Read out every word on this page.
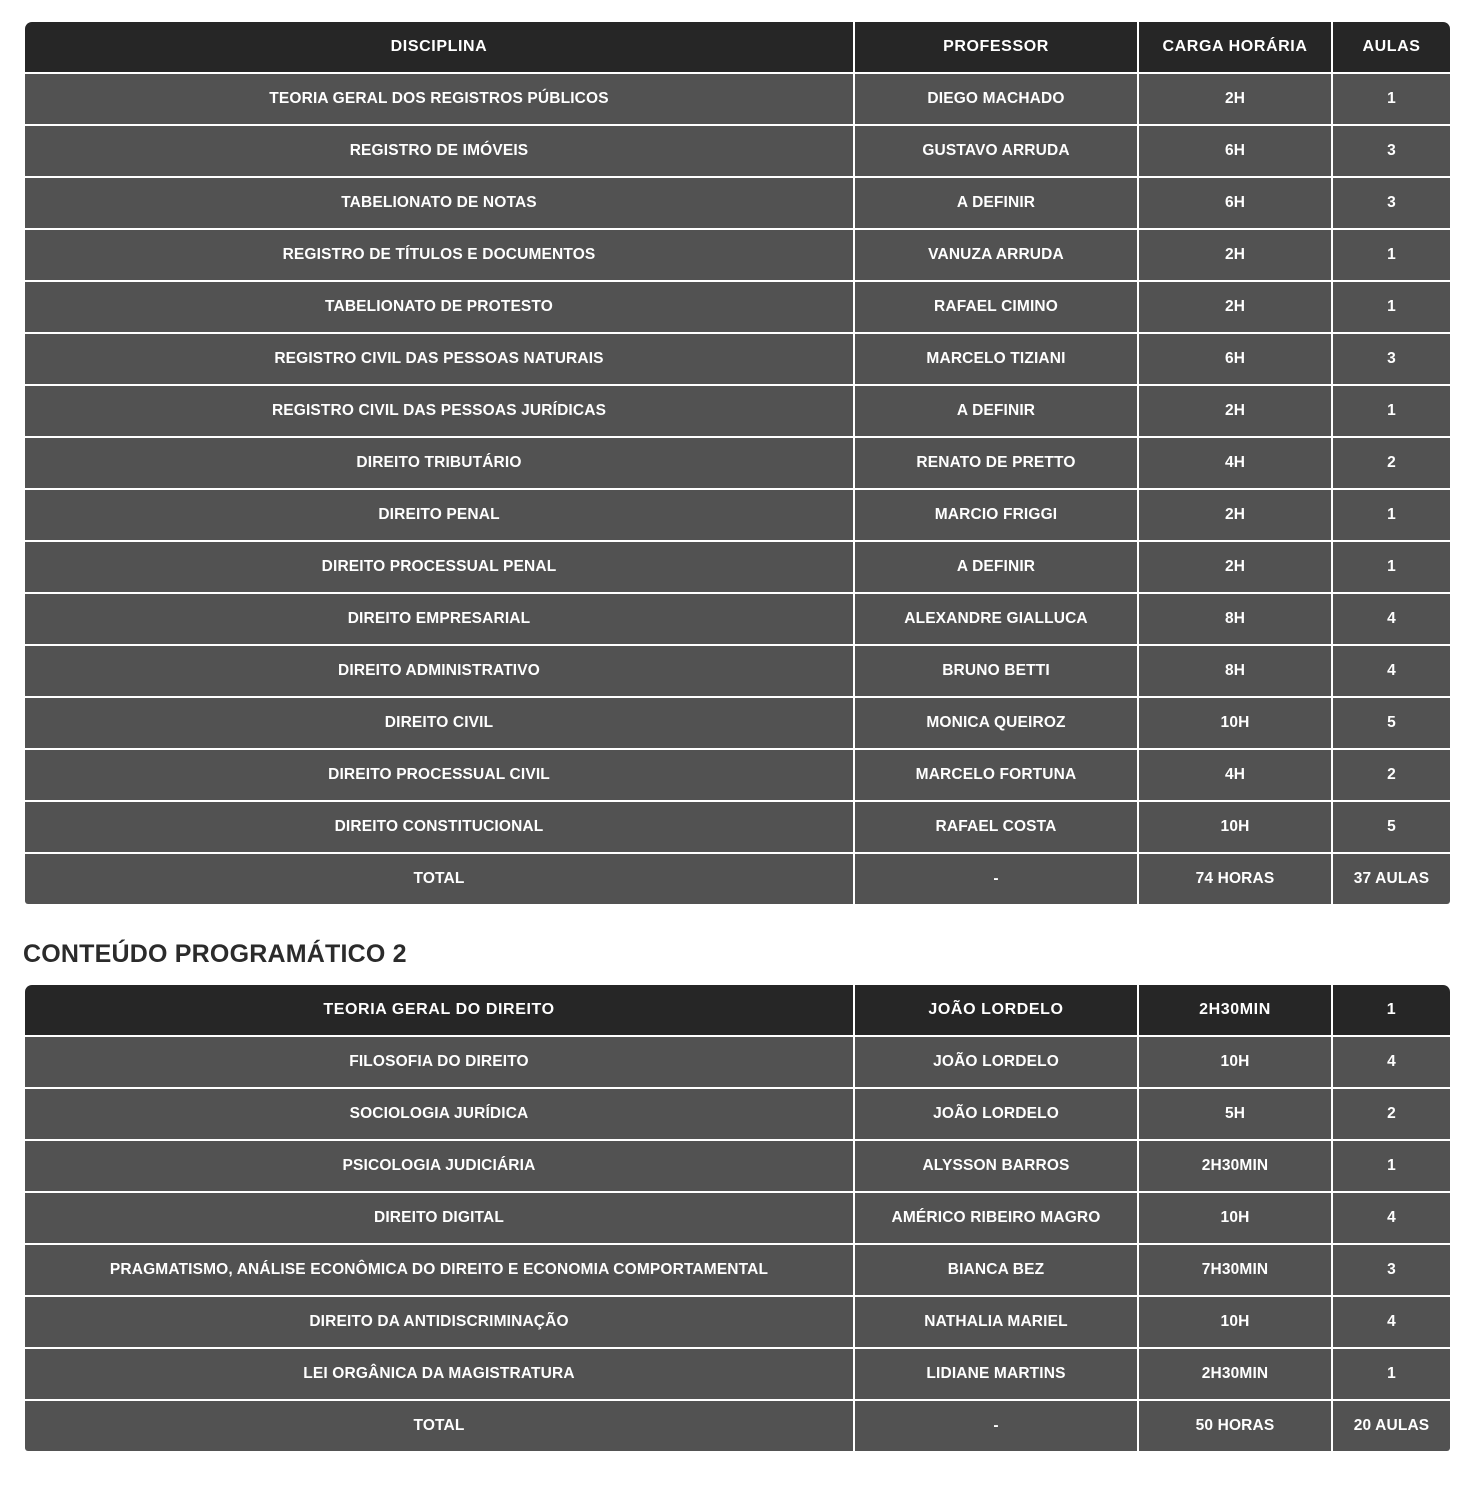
DISCIPLINA	PROFESSOR	CARGA HORÁRIA	AULAS
TEORIA GERAL DOS REGISTROS PÚBLICOS	DIEGO MACHADO	2H	1
REGISTRO DE IMÓVEIS	GUSTAVO ARRUDA	6H	3
TABELIONATO DE NOTAS	A DEFINIR	6H	3
REGISTRO DE TÍTULOS E DOCUMENTOS	VANUZA ARRUDA	2H	1
TABELIONATO DE PROTESTO	RAFAEL CIMINO	2H	1
REGISTRO CIVIL DAS PESSOAS NATURAIS	MARCELO TIZIANI	6H	3
REGISTRO CIVIL DAS PESSOAS JURÍDICAS	A DEFINIR	2H	1
DIREITO TRIBUTÁRIO	RENATO DE PRETTO	4H	2
DIREITO PENAL	MARCIO FRIGGI	2H	1
DIREITO PROCESSUAL PENAL	A DEFINIR	2H	1
DIREITO EMPRESARIAL	ALEXANDRE GIALLUCA	8H	4
DIREITO ADMINISTRATIVO	BRUNO BETTI	8H	4
DIREITO CIVIL	MONICA QUEIROZ	10H	5
DIREITO PROCESSUAL CIVIL	MARCELO FORTUNA	4H	2
DIREITO CONSTITUCIONAL	RAFAEL COSTA	10H	5
TOTAL	-	74 HORAS	37 AULAS
CONTEÚDO PROGRAMÁTICO 2
TEORIA GERAL DO DIREITO	JOÃO LORDELO	2H30MIN	1
FILOSOFIA DO DIREITO	JOÃO LORDELO	10H	4
SOCIOLOGIA JURÍDICA	JOÃO LORDELO	5H	2
PSICOLOGIA JUDICIÁRIA	ALYSSON BARROS	2H30MIN	1
DIREITO DIGITAL	AMÉRICO RIBEIRO MAGRO	10H	4
PRAGMATISMO, ANÁLISE ECONÔMICA DO DIREITO E ECONOMIA COMPORTAMENTAL	BIANCA BEZ	7H30MIN	3
DIREITO DA ANTIDISCRIMINAÇÃO	NATHALIA MARIEL	10H	4
LEI ORGÂNICA DA MAGISTRATURA	LIDIANE MARTINS	2H30MIN	1
TOTAL	-	50 HORAS	20 AULAS
